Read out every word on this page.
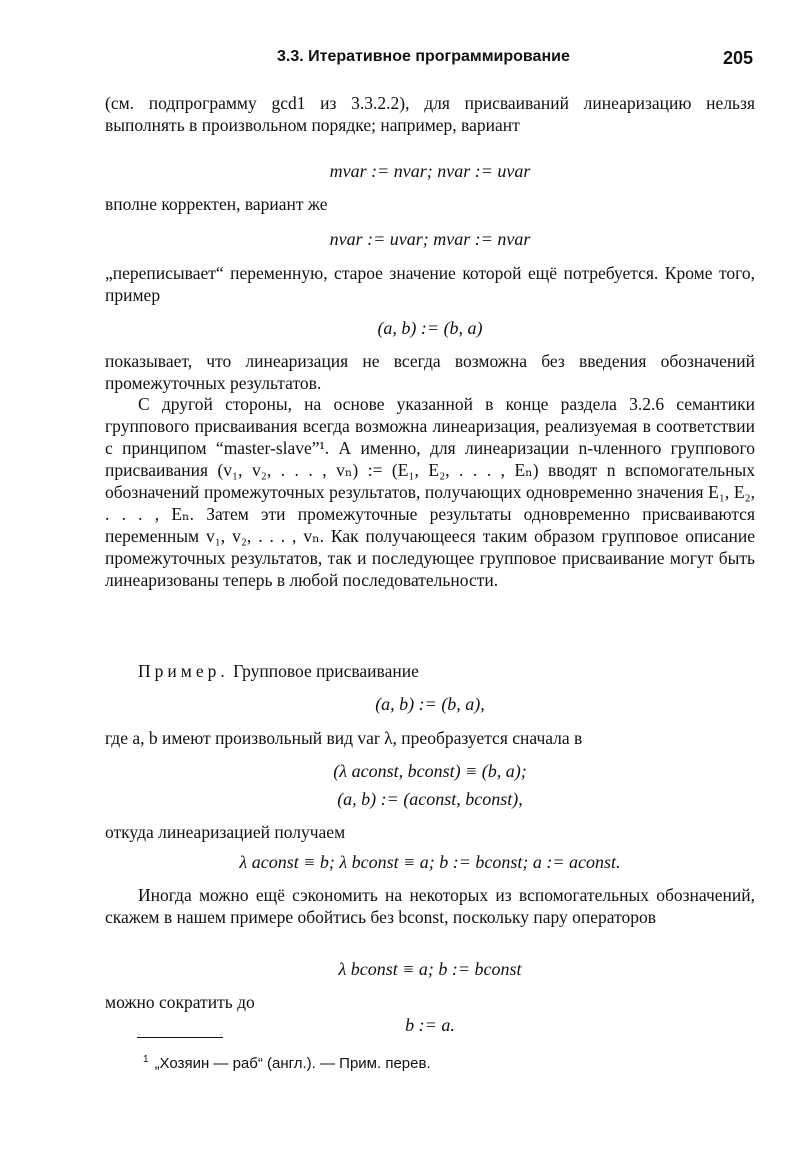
3.3. Итеративное программирование	205
(см. подпрограмму gcd1 из 3.3.2.2), для присваиваний линеаризацию нельзя выполнять в произвольном порядке; например, вариант
mvar := nvar; nvar := uvar
вполне корректен, вариант же
nvar := uvar; mvar := nvar
„переписывает“ переменную, старое значение которой ещё потребуется. Кроме того, пример
(a, b) := (b, a)
показывает, что линеаризация не всегда возможна без введения обозначений промежуточных результатов.
С другой стороны, на основе указанной в конце раздела 3.2.6 семантики группового присваивания всегда возможна линеаризация, реализуемая в соответствии с принципом “master-slave”¹. А именно, для линеаризации n-членного группового присваивания (v₁, v₂, . . . , vₙ) := (E₁, E₂, . . . , Eₙ) вводят n вспомогательных обозначений промежуточных результатов, получающих одновременно значения E₁, E₂, . . . , Eₙ. Затем эти промежуточные результаты одновременно присваиваются переменным v₁, v₂, . . . , vₙ. Как получающееся таким образом групповое описание промежуточных результатов, так и последующее групповое присваивание могут быть линеаризованы теперь в любой последовательности.
Пример. Групповое присваивание
(a, b) := (b, a),
где a, b имеют произвольный вид var λ, преобразуется сначала в
(λ aconst, bconst) ≡ (b, a);
(a, b) := (aconst, bconst),
откуда линеаризацией получаем
λ aconst ≡ b; λ bconst ≡ a; b := bconst; a := aconst.
Иногда можно ещё сэкономить на некоторых из вспомогательных обозначений, скажем в нашем примере обойтись без bconst, поскольку пару операторов
λ bconst ≡ a; b := bconst
можно сократить до
b := a.
$^1$ „Хозяин — раб“ (англ.). — Прим. перев.
